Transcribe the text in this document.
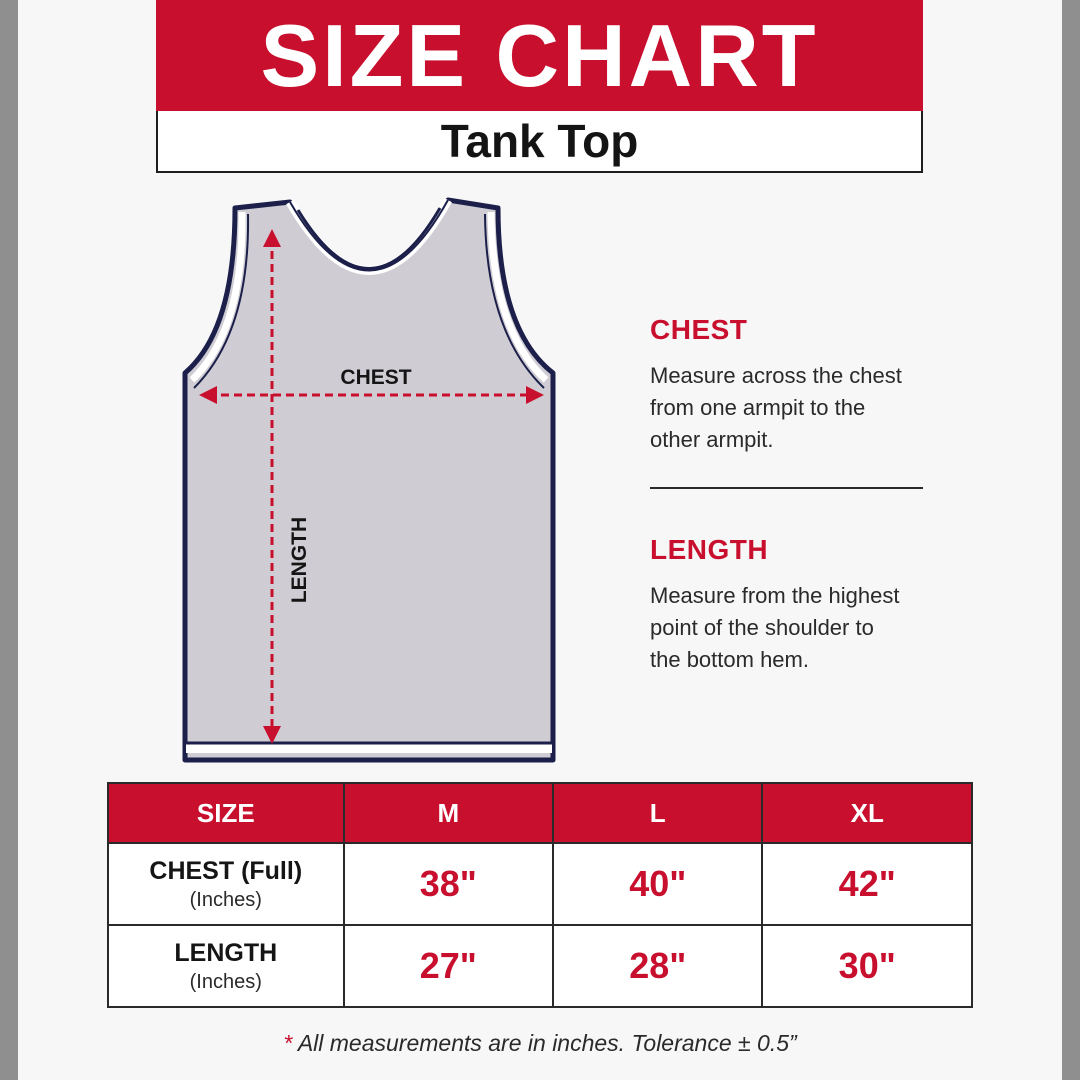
SIZE CHART
Tank Top
CHEST
LENGTH
CHEST
Measure across the chest
from one armpit to the
other armpit.
LENGTH
Measure from the highest
point of the shoulder to
the bottom hem.
SIZE	M	L	XL

CHEST (Full)
(Inches)	38"	40"	42"

LENGTH
(Inches)	27"	28"	30"
* All measurements are in inches. Tolerance ± 0.5”
